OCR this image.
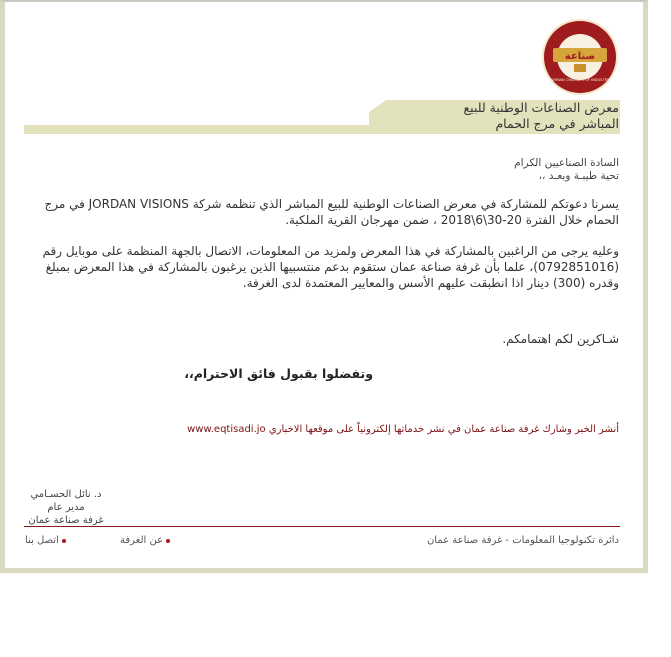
صناعة
AMMAN CHAMBER OF INDUSTRY
معرض الصناعات الوطنية للبيع
المباشر في مرج الحمام
السادة الصناعيين الكرام
تحية طيبـة وبعـد ،،
يسرنا دعوتكم للمشاركة في معرض الصناعات الوطنية للبيع المباشر الذي تنظمه شركة JORDAN VISIONS في مرج الحمام خلال الفترة 20-30\6\2018 ، ضمن مهرجان القرية الملكية.
وعليه يرجى من الراغبين بالمشاركة في هذا المعرض ولمزيد من المعلومات، الاتصال بالجهة المنظمة على موبايل رقم (0792851016)، علما بأن غرفة صناعة عمان ستقوم بدعم منتسبيها الذين يرغبون بالمشاركة في هذا المعرض بمبلغ وقدره (300) دينار اذا انطبقت عليهم الأسس والمعايير المعتمدة لدى الغرفة.
شـاكرين لكم اهتمامكم.
وتفضلوا بقبول فائق الاحترام،،
أنشر الخبر وشارك غرفة صناعة عمان في نشر خدماتها إلكترونياً على موقعها الاخباري www.eqtisadi.jo
د. نائل الحسـامي
مدير عام
غرفة صناعة عمان
دائرة تكنولوجيا المعلومات - غرفة صناعة عمان
عن الغرفة
اتصل بنا
